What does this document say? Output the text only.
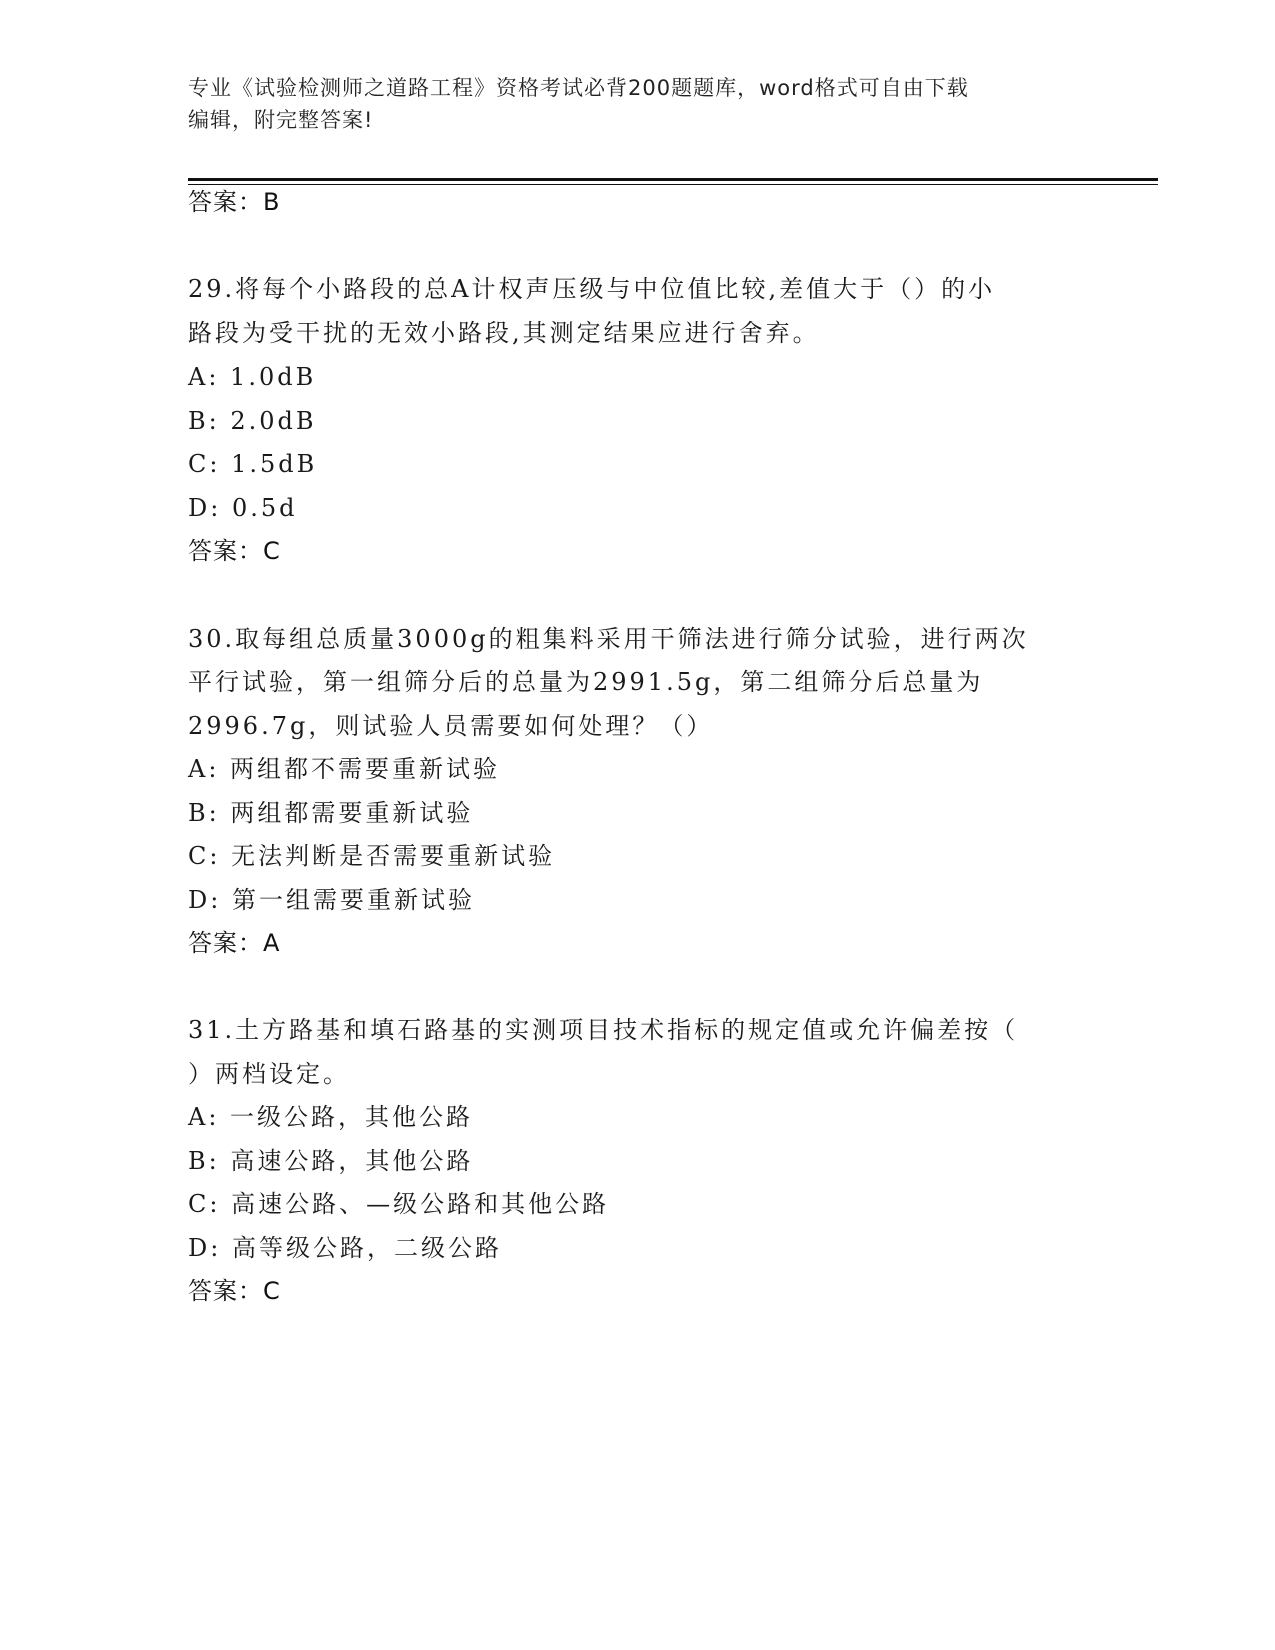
专业《试验检测师之道路工程》资格考试必背200题题库，word格式可自由下载
编辑，附完整答案!
答案：B
29.将每个小路段的总A计权声压级与中位值比较,差值大于（）的小
路段为受干扰的无效小路段,其测定结果应进行舍弃。
A: 1.0dB
B: 2.0dB
C: 1.5dB
D: 0.5d
答案：C
30.取每组总质量3000g的粗集料采用干筛法进行筛分试验，进行两次
平行试验，第一组筛分后的总量为2991.5g，第二组筛分后总量为
2996.7g，则试验人员需要如何处理？（）
A: 两组都不需要重新试验
B: 两组都需要重新试验
C: 无法判断是否需要重新试验
D: 第一组需要重新试验
答案：A
31.土方路基和填石路基的实测项目技术指标的规定值或允许偏差按（
）两档设定。
A: 一级公路，其他公路
B: 高速公路，其他公路
C: 高速公路、—级公路和其他公路
D: 高等级公路，二级公路
答案：C
